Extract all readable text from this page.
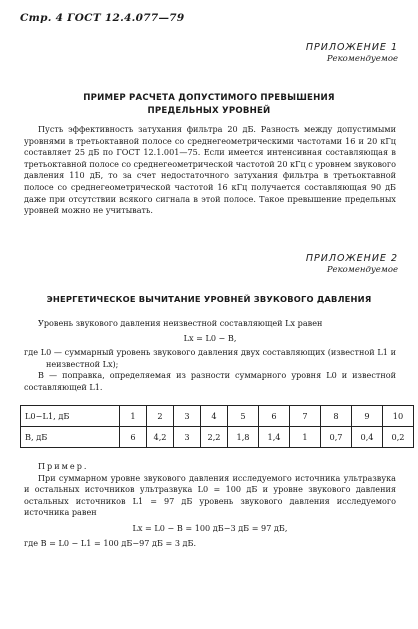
Стр. 4 ГОСТ 12.4.077—79
ПРИЛОЖЕНИЕ 1
Рекомендуемое
ПРИМЕР РАСЧЕТА ДОПУСТИМОГО ПРЕВЫШЕНИЯ
ПРЕДЕЛЬНЫХ УРОВНЕЙ

Пусть эффективность затухания фильтра 20 дБ. Разность между допустимыми уровнями в третьоктавной полосе со среднегеометрическими частотами 16 и 20 кГц составляет 25 дБ по ГОСТ 12.1.001—75. Если имеется интенсивная составляющая в третьоктавной полосе со среднегеометрической частотой 20 кГц с уровнем звукового давления 110 дБ, то за счет недостаточного затухания фильтра в третьоктавной полосе со среднегеометрической частотой 16 кГц получается составляющая 90 дБ даже при отсутствии всякого сигнала в этой полосе. Такое превышение предельных уровней можно не учитывать.

ПРИЛОЖЕНИЕ 2
Рекомендуемое
ЭНЕРГЕТИЧЕСКОЕ ВЫЧИТАНИЕ УРОВНЕЙ ЗВУКОВОГО ДАВЛЕНИЯ

Уровень звукового давления неизвестной составляющей Lx равен

Lx = L0 − B,

где L0 — суммарный уровень звукового давления двух составляющих (известной L1 и неизвестной Lx);

B — поправка, определяемая из разности суммарного уровня L0 и известной составляющей L1.

L0−L1, дБ	1	2	3	4	5	6	7	8	9	10
B, дБ	6	4,2	3	2,2	1,8	1,4	1	0,7	0,4	0,2

Пример.

При суммарном уровне звукового давления исследуемого источника ультразвука и остальных источников ультразвука L0 = 100 дБ и уровне звукового давления остальных источников L1 = 97 дБ уровень звукового давления исследуемого источника равен

Lx = L0 − B = 100 дБ−3 дБ = 97 дБ,

где B = L0 − L1 = 100 дБ−97 дБ = 3 дБ.
